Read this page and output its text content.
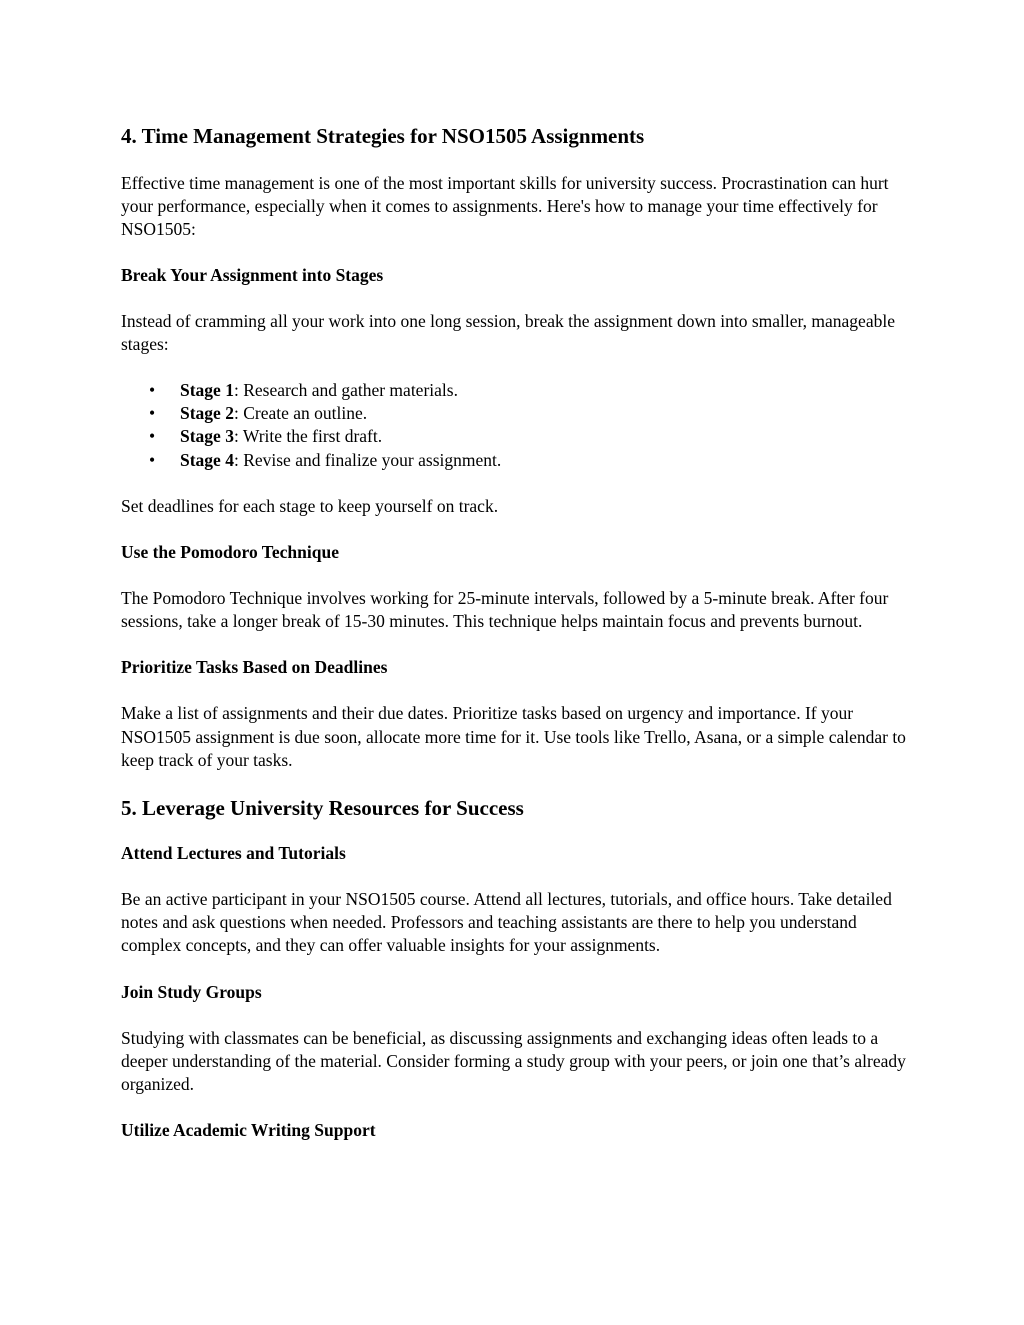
4. Time Management Strategies for NSO1505 Assignments

Effective time management is one of the most important skills for university success. Procrastination can hurt your performance, especially when it comes to assignments. Here's how to manage your time effectively for NSO1505:

Break Your Assignment into Stages

Instead of cramming all your work into one long session, break the assignment down into smaller, manageable stages:

• Stage 1: Research and gather materials.
• Stage 2: Create an outline.
• Stage 3: Write the first draft.
• Stage 4: Revise and finalize your assignment.

Set deadlines for each stage to keep yourself on track.

Use the Pomodoro Technique

The Pomodoro Technique involves working for 25-minute intervals, followed by a 5-minute break. After four sessions, take a longer break of 15-30 minutes. This technique helps maintain focus and prevents burnout.

Prioritize Tasks Based on Deadlines

Make a list of assignments and their due dates. Prioritize tasks based on urgency and importance. If your NSO1505 assignment is due soon, allocate more time for it. Use tools like Trello, Asana, or a simple calendar to keep track of your tasks.

5. Leverage University Resources for Success
Attend Lectures and Tutorials

Be an active participant in your NSO1505 course. Attend all lectures, tutorials, and office hours. Take detailed notes and ask questions when needed. Professors and teaching assistants are there to help you understand complex concepts, and they can offer valuable insights for your assignments.

Join Study Groups

Studying with classmates can be beneficial, as discussing assignments and exchanging ideas often leads to a deeper understanding of the material. Consider forming a study group with your peers, or join one that’s already organized.

Utilize Academic Writing Support
